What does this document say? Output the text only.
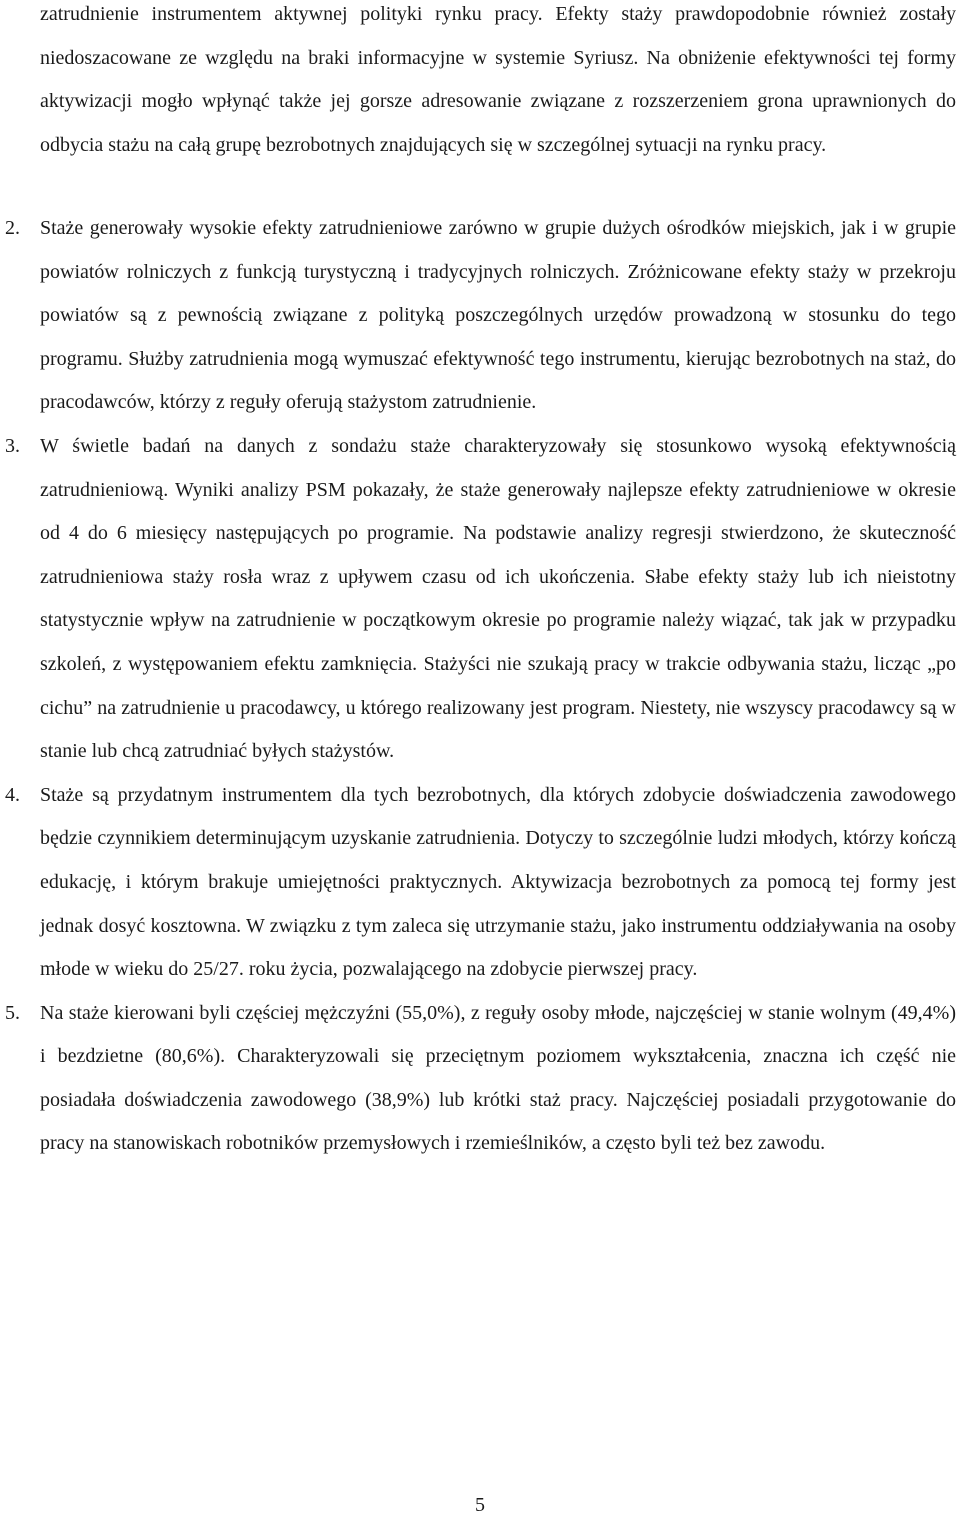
zatrudnienie instrumentem aktywnej polityki rynku pracy. Efekty staży prawdopodobnie również zostały niedoszacowane ze względu na braki informacyjne w systemie Syriusz. Na obniżenie efektywności tej formy aktywizacji mogło wpłynąć także jej gorsze adresowanie związane z rozszerzeniem grona uprawnionych do odbycia stażu na całą grupę bezrobotnych znajdujących się w szczególnej sytuacji na rynku pracy.

2. Staże generowały wysokie efekty zatrudnieniowe zarówno w grupie dużych ośrodków miejskich, jak i w grupie powiatów rolniczych z funkcją turystyczną i tradycyjnych rolniczych. Zróżnicowane efekty staży w przekroju powiatów są z pewnością związane z polityką poszczególnych urzędów prowadzoną w stosunku do tego programu. Służby zatrudnienia mogą wymuszać efektywność tego instrumentu, kierując bezrobotnych na staż, do pracodawców, którzy z reguły oferują stażystom zatrudnienie.

3. W świetle badań na danych z sondażu staże charakteryzowały się stosunkowo wysoką efektywnością zatrudnieniową. Wyniki analizy PSM pokazały, że staże generowały najlepsze efekty zatrudnieniowe w okresie od 4 do 6 miesięcy następujących po programie. Na podstawie analizy regresji stwierdzono, że skuteczność zatrudnieniowa staży rosła wraz z upływem czasu od ich ukończenia. Słabe efekty staży lub ich nieistotny statystycznie wpływ na zatrudnienie w początkowym okresie po programie należy wiązać, tak jak w przypadku szkoleń, z występowaniem efektu zamknięcia. Stażyści nie szukają pracy w trakcie odbywania stażu, licząc „po cichu” na zatrudnienie u pracodawcy, u którego realizowany jest program. Niestety, nie wszyscy pracodawcy są w stanie lub chcą zatrudniać byłych stażystów.

4. Staże są przydatnym instrumentem dla tych bezrobotnych, dla których zdobycie doświadczenia zawodowego będzie czynnikiem determinującym uzyskanie zatrudnienia. Dotyczy to szczególnie ludzi młodych, którzy kończą edukację, i którym brakuje umiejętności praktycznych. Aktywizacja bezrobotnych za pomocą tej formy jest jednak dosyć kosztowna. W związku z tym zaleca się utrzymanie stażu, jako instrumentu oddziaływania na osoby młode w wieku do 25/27. roku życia, pozwalającego na zdobycie pierwszej pracy.

5. Na staże kierowani byli częściej mężczyźni (55,0%), z reguły osoby młode, najczęściej w stanie wolnym (49,4%) i bezdzietne (80,6%). Charakteryzowali się przeciętnym poziomem wykształcenia, znaczna ich część nie posiadała doświadczenia zawodowego (38,9%) lub krótki staż pracy. Najczęściej posiadali przygotowanie do pracy na stanowiskach robotników przemysłowych i rzemieślników, a często byli też bez zawodu.

5
